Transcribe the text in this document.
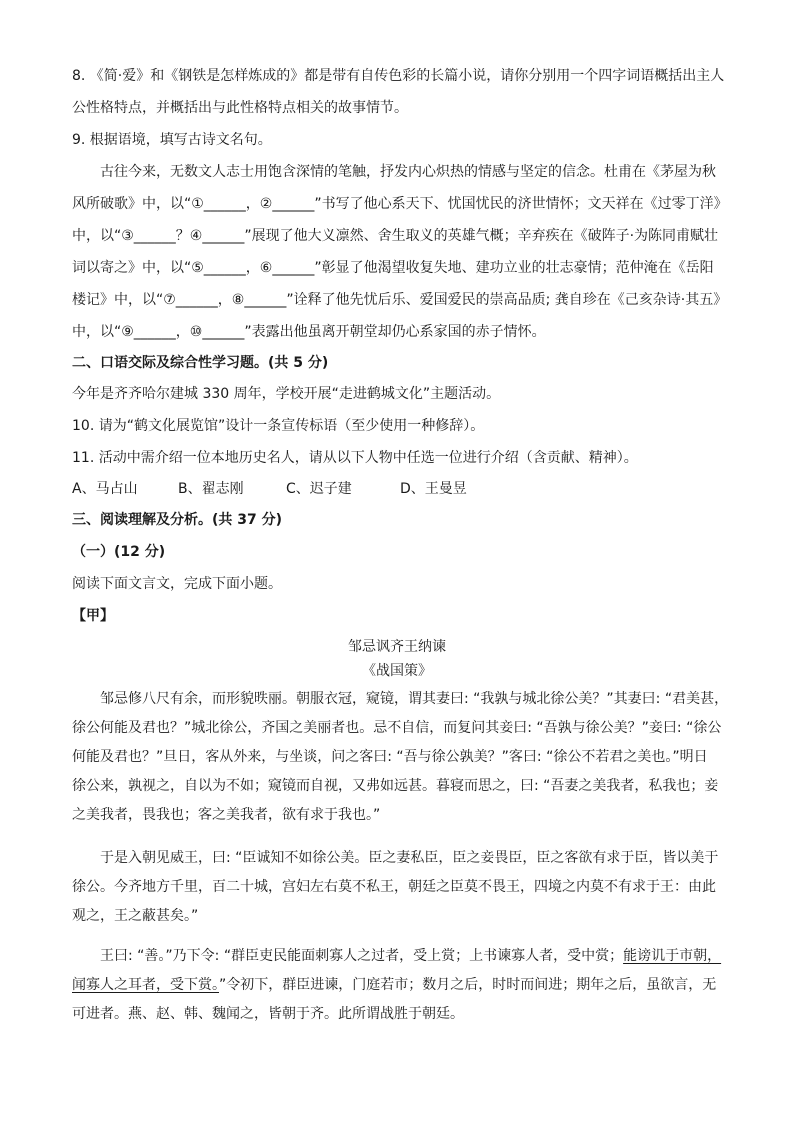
8. 《简·爱》和《钢铁是怎样炼成的》都是带有自传色彩的长篇小说，请你分别用一个四字词语概括出主人
公性格特点，并概括出与此性格特点相关的故事情节。
9. 根据语境，填写古诗文名句。
古往今来，无数文人志士用饱含深情的笔触，抒发内心炽热的情感与坚定的信念。杜甫在《茅屋为秋
风所破歌》中，以“①______，②______”书写了他心系天下、忧国忧民的济世情怀；文天祥在《过零丁洋》
中，以“③______？④______”展现了他大义凛然、舍生取义的英雄气概；辛弃疾在《破阵子·为陈同甫赋壮
词以寄之》中，以“⑤______，⑥______”彰显了他渴望收复失地、建功立业的壮志豪情；范仲淹在《岳阳
楼记》中，以“⑦______，⑧______”诠释了他先忧后乐、爱国爱民的崇高品质; 龚自珍在《己亥杂诗·其五》
中，以“⑨______，⑩______”表露出他虽离开朝堂却仍心系家国的赤子情怀。
二、口语交际及综合性学习题。(共 5 分)
今年是齐齐哈尔建城 330 周年，学校开展“走进鹤城文化”主题活动。
10. 请为“鹤文化展览馆”设计一条宣传标语（至少使用一种修辞）。
11. 活动中需介绍一位本地历史名人，请从以下人物中任选一位进行介绍（含贡献、精神）。
A、马占山	B、翟志刚	C、迟子建	D、王曼昱
三、阅读理解及分析。(共 37 分)
（一）(12 分)
阅读下面文言文，完成下面小题。
【甲】
邹忌讽齐王纳谏
《战国策》
邹忌修八尺有余，而形貌昳丽。朝服衣冠，窥镜，谓其妻曰: “我孰与城北徐公美？”其妻曰: “君美甚，
徐公何能及君也？”城北徐公，齐国之美丽者也。忌不自信，而复问其妾曰: “吾孰与徐公美？”妾曰: “徐公
何能及君也？”旦日，客从外来，与坐谈，问之客曰: “吾与徐公孰美？”客曰: “徐公不若君之美也。”明日
徐公来，孰视之，自以为不如；窥镜而自视，又弗如远甚。暮寝而思之，曰: “吾妻之美我者，私我也；妾
之美我者，畏我也；客之美我者，欲有求于我也。”
于是入朝见威王，曰: “臣诚知不如徐公美。臣之妻私臣，臣之妾畏臣，臣之客欲有求于臣，皆以美于
徐公。今齐地方千里，百二十城，宫妇左右莫不私王，朝廷之臣莫不畏王，四境之内莫不有求于王：由此
观之，王之蔽甚矣。”
王曰: “善。”乃下令: “群臣吏民能面刺寡人之过者，受上赏；上书谏寡人者，受中赏；能谤讥于市朝，
闻寡人之耳者，受下赏。”令初下，群臣进谏，门庭若市；数月之后，时时而间进；期年之后，虽欲言，无
可进者。燕、赵、韩、魏闻之，皆朝于齐。此所谓战胜于朝廷。
